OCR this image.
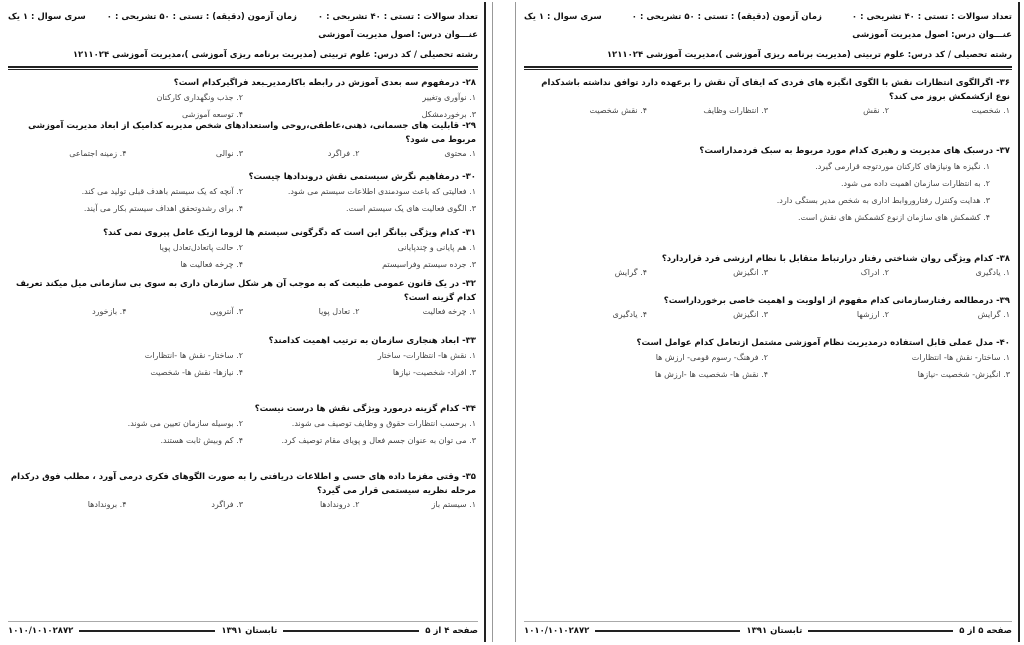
تعداد سوالات : تستی : ۴۰ تشریحی : ۰
زمان آزمون (دقیقه) : تستی : ۵۰ تشریحی : ۰
سری سوال : ۱ یک
عنـــوان درس: اصول مدیریت آموزشی
رشته تحصیلی / کد درس: علوم تربیتی (مدیریت برنامه ریزی آموزشی )،مدیریت آموزشی ۱۲۱۱۰۲۴
۲۸- درمفهوم سه بعدی آموزش در رابطه باکارمدیرـبعد فراگیرکدام است؟
۱. نوآوری وتغییر
۲. جذب ونگهداری کارکنان
۳. برخوردمشکل
۴. توسعه آموزشی
۲۹- قابلیت های جسمانی، ذهنی،عاطفی،روحی واستعدادهای شخص مدیربه کدامیک از ابعاد مدیریت آموزشی مربوط می شود؟
۱. محتوی
۲. فراگرد
۳. نوالی
۴. زمینه اجتماعی
۳۰- درمفاهیم نگرش سیستمی نقش دروندادها چیست؟
۱. فعالیتی که باعث سودمندی اطلاعات سیستم می شود.
۲. آنچه که یک سیستم باهدف قبلی تولید می کند.
۳. الگوی فعالیت های یک سیستم است.
۴. برای رشدوتحقق اهداف سیستم بکار می آیند.
۳۱- کدام ویژگی بیانگر این است که دگرگونی سیستم ها لزوما ازیک عامل پیروی نمی کند؟
۱. هم پایانی و چندپایانی
۲. حالت پاتعادل‌تعادل پویا
۳. جرده سیستم وفراسیستم
۴. چرخه فعالیت ها
۳۲- در یک قانون عمومی طبیعت که به موجب آن هر شکل سازمان داری به سوی بی سازمانی میل میکند تعریف کدام گزینه است؟
۱. چرخه فعالیت
۲. تعادل پویا
۳. آنتروپی
۴. بازخورد
۳۳- ابعاد هنجاری سازمان به ترتیب اهمیت کدامند؟
۱. نقش ها- انتظارات- ساختار
۲. ساختار- نقش ها -انتظارات
۳. افراد- شخصیت- نیازها
۴. نیازها- نقش ها- شخصیت
۳۴- کدام گزینه درمورد ویژگی نقش ها درست نیست؟
۱. برحسب انتظارات حقوق و وظایف توصیف می شوند.
۲. بوسیله سازمان تعیین می شوند.
۳. می توان به عنوان جسم فعال و پویای مقام توصیف کرد.
۴. کم وبیش ثابت هستند.
۳۵- وقتی مفزما داده های حسی و اطلاعات دریافتی را به صورت الگوهای فکری درمی آورد ، مطلب فوق درکدام مرحله نظریه سیستمی قرار می گیرد؟
۱. سیستم باز
۲. دروندادها
۳. فراگرد
۴. بروندادها
صفحه ۴ از ۵
تابستان ۱۳۹۱
۱۰۱۰/۱۰۱۰۲۸۷۲
تعداد سوالات : تستی : ۴۰ تشریحی : ۰
زمان آزمون (دقیقه) : تستی : ۵۰ تشریحی : ۰
سری سوال : ۱ یک
عنـــوان درس: اصول مدیریت آموزشی
رشته تحصیلی / کد درس: علوم تربیتی (مدیریت برنامه ریزی آموزشی )،مدیریت آموزشی ۱۲۱۱۰۲۴
۳۶- اگرالگوی انتظارات نقش با الگوی انگیزه های فردی که ایفای آن نقش را برعهده دارد توافق نداشته باشدکدام نوع ازکشمکش بروز می کند؟
۱. شخصیت
۲. نقش
۳. انتظارات وظایف
۴. نقش شخصیت
۳۷- درسبک های مدیریت و رهبری کدام مورد مربوط به سبک فردمداراست؟
۱. نگیزه ها ونیازهای کارکنان موردتوجه قرارمی گیرد.
۲. به انتظارات سازمان اهمیت داده می شود.
۳. هدایت وکنترل رفتاروروابط اداری به شخص مدیر بستگی دارد.
۴. کشمکش های سازمان ازنوع کشمکش های نقش است.
۳۸- کدام ویژگی روان شناختی رفتار درارتباط متقابل با نظام ارزشی فرد قراردارد؟
۱. یادگیری
۲. ادراک
۳. انگیزش
۴. گرایش
۳۹- درمطالعه رفتارسازمانی کدام مفهوم از اولویت و اهمیت خاصی برخورداراست؟
۱. گرایش
۲. ارزشها
۳. انگیزش
۴. یادگیری
۴۰- مدل عملی قابل استفاده درمدیریت نظام آموزشی مشتمل ازتعامل کدام عوامل است؟
۱. ساختار- نقش ها- انتظارات
۲. فرهنگ- رسوم قومی- ارزش ها
۳. انگیزش- شخصیت -نیازها
۴. نقش ها- شخصیت ها -ارزش ها
صفحه ۵ از ۵
تابستان ۱۳۹۱
۱۰۱۰/۱۰۱۰۲۸۷۲
